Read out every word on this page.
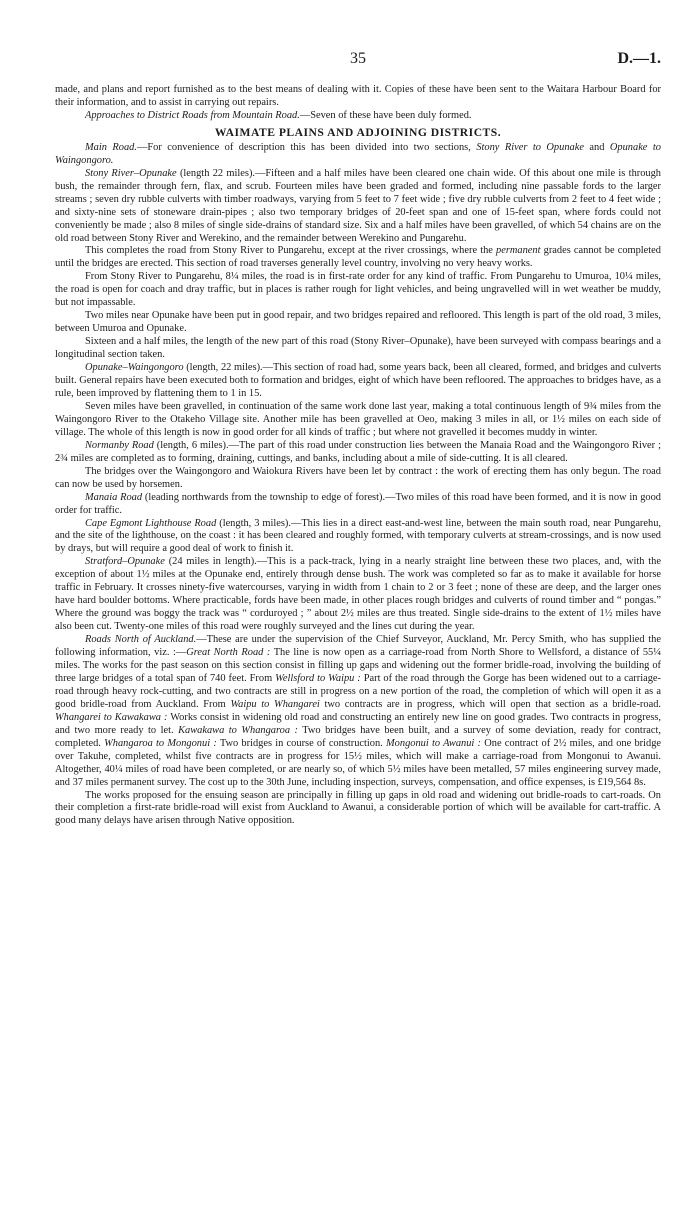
35	D.—1.

made, and plans and report furnished as to the best means of dealing with it. Copies of these have been sent to the Waitara Harbour Board for their information, and to assist in carrying out repairs.

Approaches to District Roads from Mountain Road.—Seven of these have been duly formed.

WAIMATE PLAINS AND ADJOINING DISTRICTS.

Main Road.—For convenience of description this has been divided into two sections, Stony River to Opunake and Opunake to Waingongoro.

Stony River–Opunake (length 22 miles).—Fifteen and a half miles have been cleared one chain wide. Of this about one mile is through bush, the remainder through fern, flax, and scrub. Fourteen miles have been graded and formed, including nine passable fords to the larger streams ; seven dry rubble culverts with timber roadways, varying from 5 feet to 7 feet wide ; five dry rubble culverts from 2 feet to 4 feet wide ; and sixty-nine sets of stoneware drain-pipes ; also two temporary bridges of 20-feet span and one of 15-feet span, where fords could not conveniently be made ; also 8 miles of single side-drains of standard size. Six and a half miles have been gravelled, of which 54 chains are on the old road between Stony River and Werekino, and the remainder between Werekino and Pungarehu.

This completes the road from Stony River to Pungarehu, except at the river crossings, where the permanent grades cannot be completed until the bridges are erected. This section of road traverses generally level country, involving no very heavy works.

From Stony River to Pungarehu, 8¼ miles, the road is in first-rate order for any kind of traffic. From Pungarehu to Umuroa, 10¼ miles, the road is open for coach and dray traffic, but in places is rather rough for light vehicles, and being ungravelled will in wet weather be muddy, but not impassable.

Two miles near Opunake have been put in good repair, and two bridges repaired and refloored. This length is part of the old road, 3 miles, between Umuroa and Opunake.

Sixteen and a half miles, the length of the new part of this road (Stony River–Opunake), have been surveyed with compass bearings and a longitudinal section taken.

Opunake–Waingongoro (length, 22 miles).—This section of road had, some years back, been all cleared, formed, and bridges and culverts built. General repairs have been executed both to formation and bridges, eight of which have been refloored. The approaches to bridges have, as a rule, been improved by flattening them to 1 in 15.

Seven miles have been gravelled, in continuation of the same work done last year, making a total continuous length of 9¾ miles from the Waingongoro River to the Otakeho Village site. Another mile has been gravelled at Oeo, making 3 miles in all, or 1½ miles on each side of village. The whole of this length is now in good order for all kinds of traffic ; but where not gravelled it becomes muddy in winter.

Normanby Road (length, 6 miles).—The part of this road under construction lies between the Manaia Road and the Waingongoro River ; 2¾ miles are completed as to forming, draining, cuttings, and banks, including about a mile of side-cutting. It is all cleared.

The bridges over the Waingongoro and Waiokura Rivers have been let by contract : the work of erecting them has only begun. The road can now be used by horsemen.

Manaia Road (leading northwards from the township to edge of forest).—Two miles of this road have been formed, and it is now in good order for traffic.

Cape Egmont Lighthouse Road (length, 3 miles).—This lies in a direct east-and-west line, between the main south road, near Pungarehu, and the site of the lighthouse, on the coast : it has been cleared and roughly formed, with temporary culverts at stream-crossings, and is now used by drays, but will require a good deal of work to finish it.

Stratford–Opunake (24 miles in length).—This is a pack-track, lying in a nearly straight line between these two places, and, with the exception of about 1½ miles at the Opunake end, entirely through dense bush. The work was completed so far as to make it available for horse traffic in February. It crosses ninety-five watercourses, varying in width from 1 chain to 2 or 3 feet ; none of these are deep, and the larger ones have hard boulder bottoms. Where practicable, fords have been made, in other places rough bridges and culverts of round timber and “ pongas.” Where the ground was boggy the track was “ corduroyed ; ” about 2½ miles are thus treated. Single side-drains to the extent of 1½ miles have also been cut. Twenty-one miles of this road were roughly surveyed and the lines cut during the year.

Roads North of Auckland.—These are under the supervision of the Chief Surveyor, Auckland, Mr. Percy Smith, who has supplied the following information, viz. :—Great North Road : The line is now open as a carriage-road from North Shore to Wellsford, a distance of 55¼ miles. The works for the past season on this section consist in filling up gaps and widening out the former bridle-road, involving the building of three large bridges of a total span of 740 feet. From Wellsford to Waipu : Part of the road through the Gorge has been widened out to a carriage-road through heavy rock-cutting, and two contracts are still in progress on a new portion of the road, the completion of which will open it as a good bridle-road from Auckland. From Waipu to Whangarei two contracts are in progress, which will open that section as a bridle-road. Whangarei to Kawakawa : Works consist in widening old road and constructing an entirely new line on good grades. Two contracts in progress, and two more ready to let. Kawakawa to Whangaroa : Two bridges have been built, and a survey of some deviation, ready for contract, completed. Whangaroa to Mongonui : Two bridges in course of construction. Mongonui to Awanui : One contract of 2½ miles, and one bridge over Takuhe, completed, whilst five contracts are in progress for 15½ miles, which will make a carriage-road from Mongonui to Awanui. Altogether, 40¼ miles of road have been completed, or are nearly so, of which 5½ miles have been metalled, 57 miles engineering survey made, and 37 miles permanent survey. The cost up to the 30th June, including inspection, surveys, compensation, and office expenses, is £19,564 8s.

The works proposed for the ensuing season are principally in filling up gaps in old road and widening out bridle-roads to cart-roads. On their completion a first-rate bridle-road will exist from Auckland to Awanui, a considerable portion of which will be available for cart-traffic. A good many delays have arisen through Native opposition.
